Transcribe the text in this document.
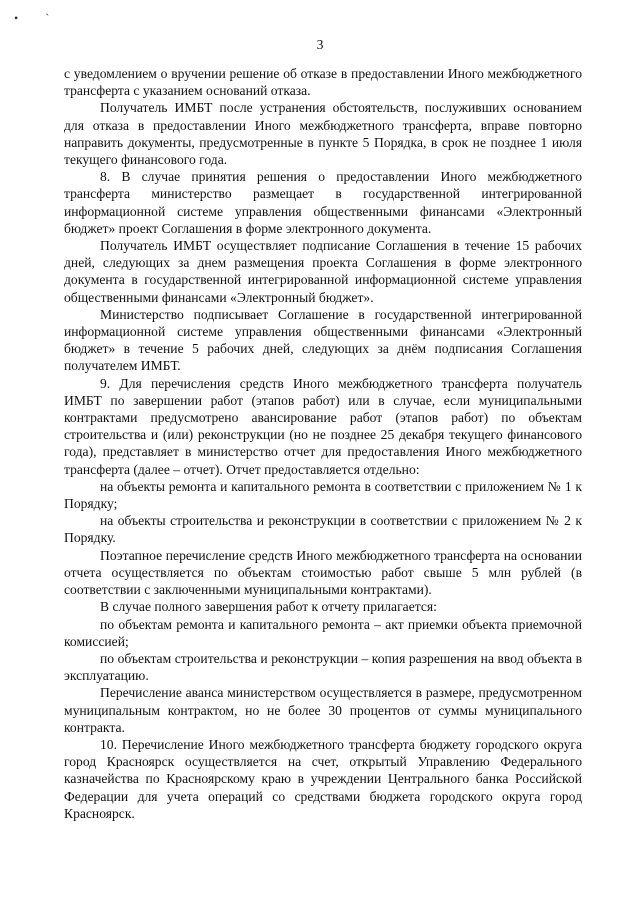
• `
3

с уведомлением о вручении решение об отказе в предоставлении Иного межбюджетного трансферта с указанием оснований отказа.

Получатель ИМБТ после устранения обстоятельств, послуживших основанием для отказа в предоставлении Иного межбюджетного трансферта, вправе повторно направить документы, предусмотренные в пункте 5 Порядка, в срок не позднее 1 июля текущего финансового года.

8. В случае принятия решения о предоставлении Иного межбюджетного трансферта министерство размещает в государственной интегрированной информационной системе управления общественными финансами «Электронный бюджет» проект Соглашения в форме электронного документа.

Получатель ИМБТ осуществляет подписание Соглашения в течение 15 рабочих дней, следующих за днем размещения проекта Соглашения в форме электронного документа в государственной интегрированной информационной системе управления общественными финансами «Электронный бюджет».

Министерство подписывает Соглашение в государственной интегрированной информационной системе управления общественными финансами «Электронный бюджет» в течение 5 рабочих дней, следующих за днём подписания Соглашения получателем ИМБТ.

9. Для перечисления средств Иного межбюджетного трансферта получатель ИМБТ по завершении работ (этапов работ) или в случае, если муниципальными контрактами предусмотрено авансирование работ (этапов работ) по объектам строительства и (или) реконструкции (но не позднее 25 декабря текущего финансового года), представляет в министерство отчет для предоставления Иного межбюджетного трансферта (далее – отчет). Отчет предоставляется отдельно:

на объекты ремонта и капитального ремонта в соответствии с приложением № 1 к Порядку;

на объекты строительства и реконструкции в соответствии с приложением № 2 к Порядку.

Поэтапное перечисление средств Иного межбюджетного трансферта на основании отчета осуществляется по объектам стоимостью работ свыше 5 млн рублей (в соответствии с заключенными муниципальными контрактами).

В случае полного завершения работ к отчету прилагается:

по объектам ремонта и капитального ремонта – акт приемки объекта приемочной комиссией;

по объектам строительства и реконструкции – копия разрешения на ввод объекта в эксплуатацию.

Перечисление аванса министерством осуществляется в размере, предусмотренном муниципальным контрактом, но не более 30 процентов от суммы муниципального контракта.

10. Перечисление Иного межбюджетного трансферта бюджету городского округа город Красноярск осуществляется на счет, открытый Управлению Федерального казначейства по Красноярскому краю в учреждении Центрального банка Российской Федерации для учета операций со средствами бюджета городского округа город Красноярск.
